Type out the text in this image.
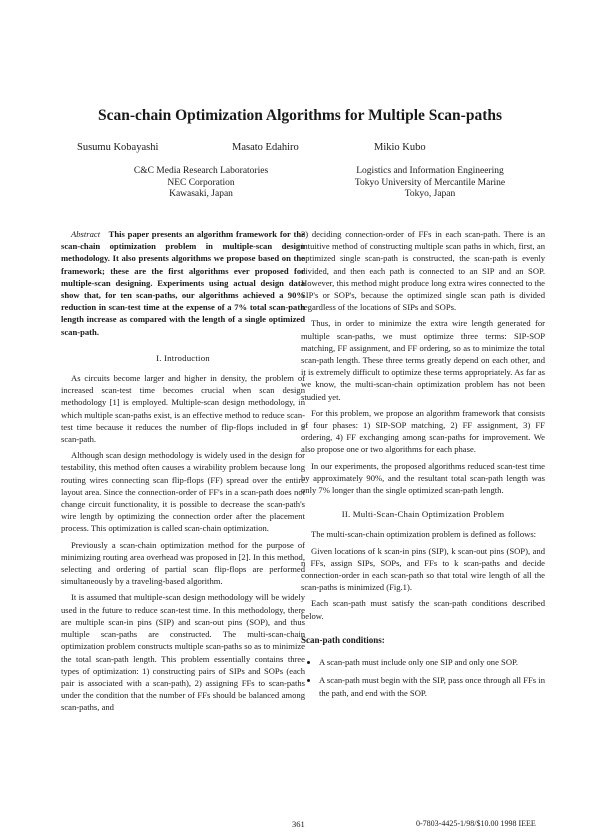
Scan-chain Optimization Algorithms for Multiple Scan-paths
Susumu Kobayashi	Masato Edahiro	Mikio Kubo
C&C Media Research Laboratories
NEC Corporation
Kawasaki, Japan
Logistics and Information Engineering
Tokyo University of Mercantile Marine
Tokyo, Japan

Abstract This paper presents an algorithm framework for the scan-chain optimization problem in multiple-scan design methodology. It also presents algorithms we propose based on the framework; these are the first algorithms ever proposed for multiple-scan designing. Experiments using actual design data show that, for ten scan-paths, our algorithms achieved a 90% reduction in scan-test time at the expense of a 7% total scan-path length increase as compared with the length of a single optimized scan-path.

I. Introduction

As circuits become larger and higher in density, the problem of increased scan-test time becomes crucial when scan design methodology [1] is employed. Multiple-scan design methodology, in which multiple scan-paths exist, is an effective method to reduce scan-test time because it reduces the number of flip-flops included in a scan-path.

Although scan design methodology is widely used in the design for testability, this method often causes a wirability problem because long routing wires connecting scan flip-flops (FF) spread over the entire layout area. Since the connection-order of FF's in a scan-path does not change circuit functionality, it is possible to decrease the scan-path's wire length by optimizing the connection order after the placement process. This optimization is called scan-chain optimization.

Previously a scan-chain optimization method for the purpose of minimizing routing area overhead was proposed in [2]. In this method, selecting and ordering of partial scan flip-flops are performed simultaneously by a traveling-based algorithm.

It is assumed that multiple-scan design methodology will be widely used in the future to reduce scan-test time. In this methodology, there are multiple scan-in pins (SIP) and scan-out pins (SOP), and thus multiple scan-paths are constructed. The multi-scan-chain optimization problem constructs multiple scan-paths so as to minimize the total scan-path length. This problem essentially contains three types of optimization: 1) constructing pairs of SIPs and SOPs (each pair is associated with a scan-path), 2) assigning FFs to scan-paths under the condition that the number of FFs should be balanced among scan-paths, and

3) deciding connection-order of FFs in each scan-path. There is an intuitive method of constructing multiple scan paths in which, first, an optimized single scan-path is constructed, the scan-path is evenly divided, and then each path is connected to an SIP and an SOP. However, this method might produce long extra wires connected to the SIP's or SOP's, because the optimized single scan path is divided regardless of the locations of SIPs and SOPs.

Thus, in order to minimize the extra wire length generated for multiple scan-paths, we must optimize three terms: SIP-SOP matching, FF assignment, and FF ordering, so as to minimize the total scan-path length. These three terms greatly depend on each other, and it is extremely difficult to optimize these terms appropriately. As far as we know, the multi-scan-chain optimization problem has not been studied yet.

For this problem, we propose an algorithm framework that consists of four phases: 1) SIP-SOP matching, 2) FF assignment, 3) FF ordering, 4) FF exchanging among scan-paths for improvement. We also propose one or two algorithms for each phase.

In our experiments, the proposed algorithms reduced scan-test time by approximately 90%, and the resultant total scan-path length was only 7% longer than the single optimized scan-path length.

II. Multi-Scan-Chain Optimization Problem

The multi-scan-chain optimization problem is defined as follows:

Given locations of k scan-in pins (SIP), k scan-out pins (SOP), and n FFs, assign SIPs, SOPs, and FFs to k scan-paths and decide connection-order in each scan-path so that total wire length of all the scan-paths is minimized (Fig.1).

Each scan-path must satisfy the scan-path conditions described below.

Scan-path conditions:
• A scan-path must include only one SIP and only one SOP.
• A scan-path must begin with the SIP, pass once through all FFs in the path, and end with the SOP.
361	0-7803-4425-1/98/$10.00 1998 IEEE
